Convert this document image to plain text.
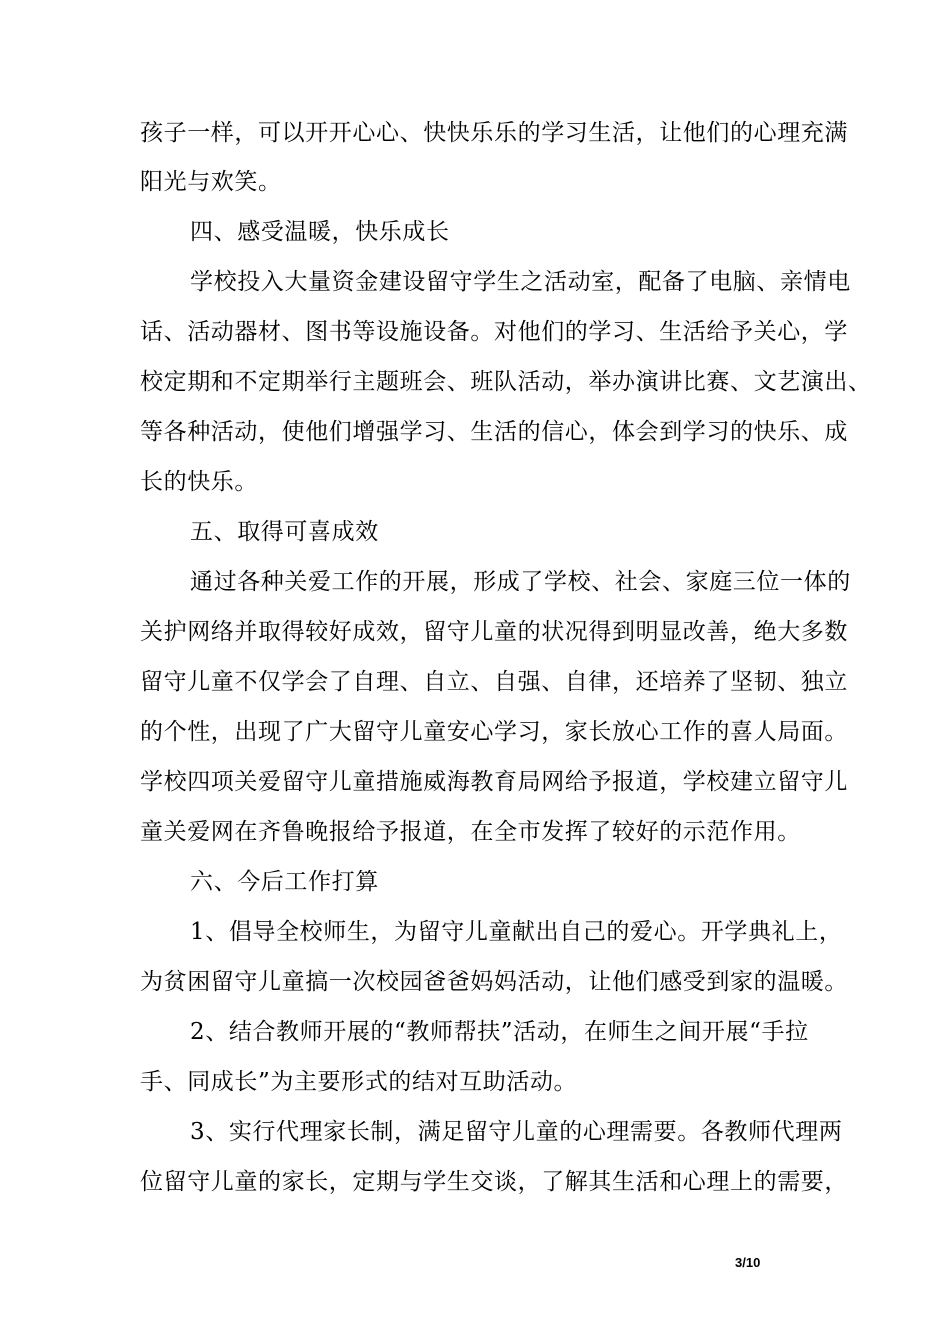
孩子一样，可以开开心心、快快乐乐的学习生活，让他们的心理充满
阳光与欢笑。
四、感受温暖，快乐成长
学校投入大量资金建设留守学生之活动室，配备了电脑、亲情电
话、活动器材、图书等设施设备。对他们的学习、生活给予关心，学
校定期和不定期举行主题班会、班队活动，举办演讲比赛、文艺演出、
等各种活动，使他们增强学习、生活的信心，体会到学习的快乐、成
长的快乐。
五、取得可喜成效
通过各种关爱工作的开展，形成了学校、社会、家庭三位一体的
关护网络并取得较好成效，留守儿童的状况得到明显改善，绝大多数
留守儿童不仅学会了自理、自立、自强、自律，还培养了坚韧、独立
的个性，出现了广大留守儿童安心学习，家长放心工作的喜人局面。
学校四项关爱留守儿童措施威海教育局网给予报道，学校建立留守儿
童关爱网在齐鲁晚报给予报道，在全市发挥了较好的示范作用。
六、今后工作打算
1、倡导全校师生，为留守儿童献出自己的爱心。开学典礼上，
为贫困留守儿童搞一次校园爸爸妈妈活动，让他们感受到家的温暖。
2、结合教师开展的“教师帮扶”活动，在师生之间开展“手拉
手、同成长”为主要形式的结对互助活动。
3、实行代理家长制，满足留守儿童的心理需要。各教师代理两
位留守儿童的家长，定期与学生交谈，了解其生活和心理上的需要，
3/10
